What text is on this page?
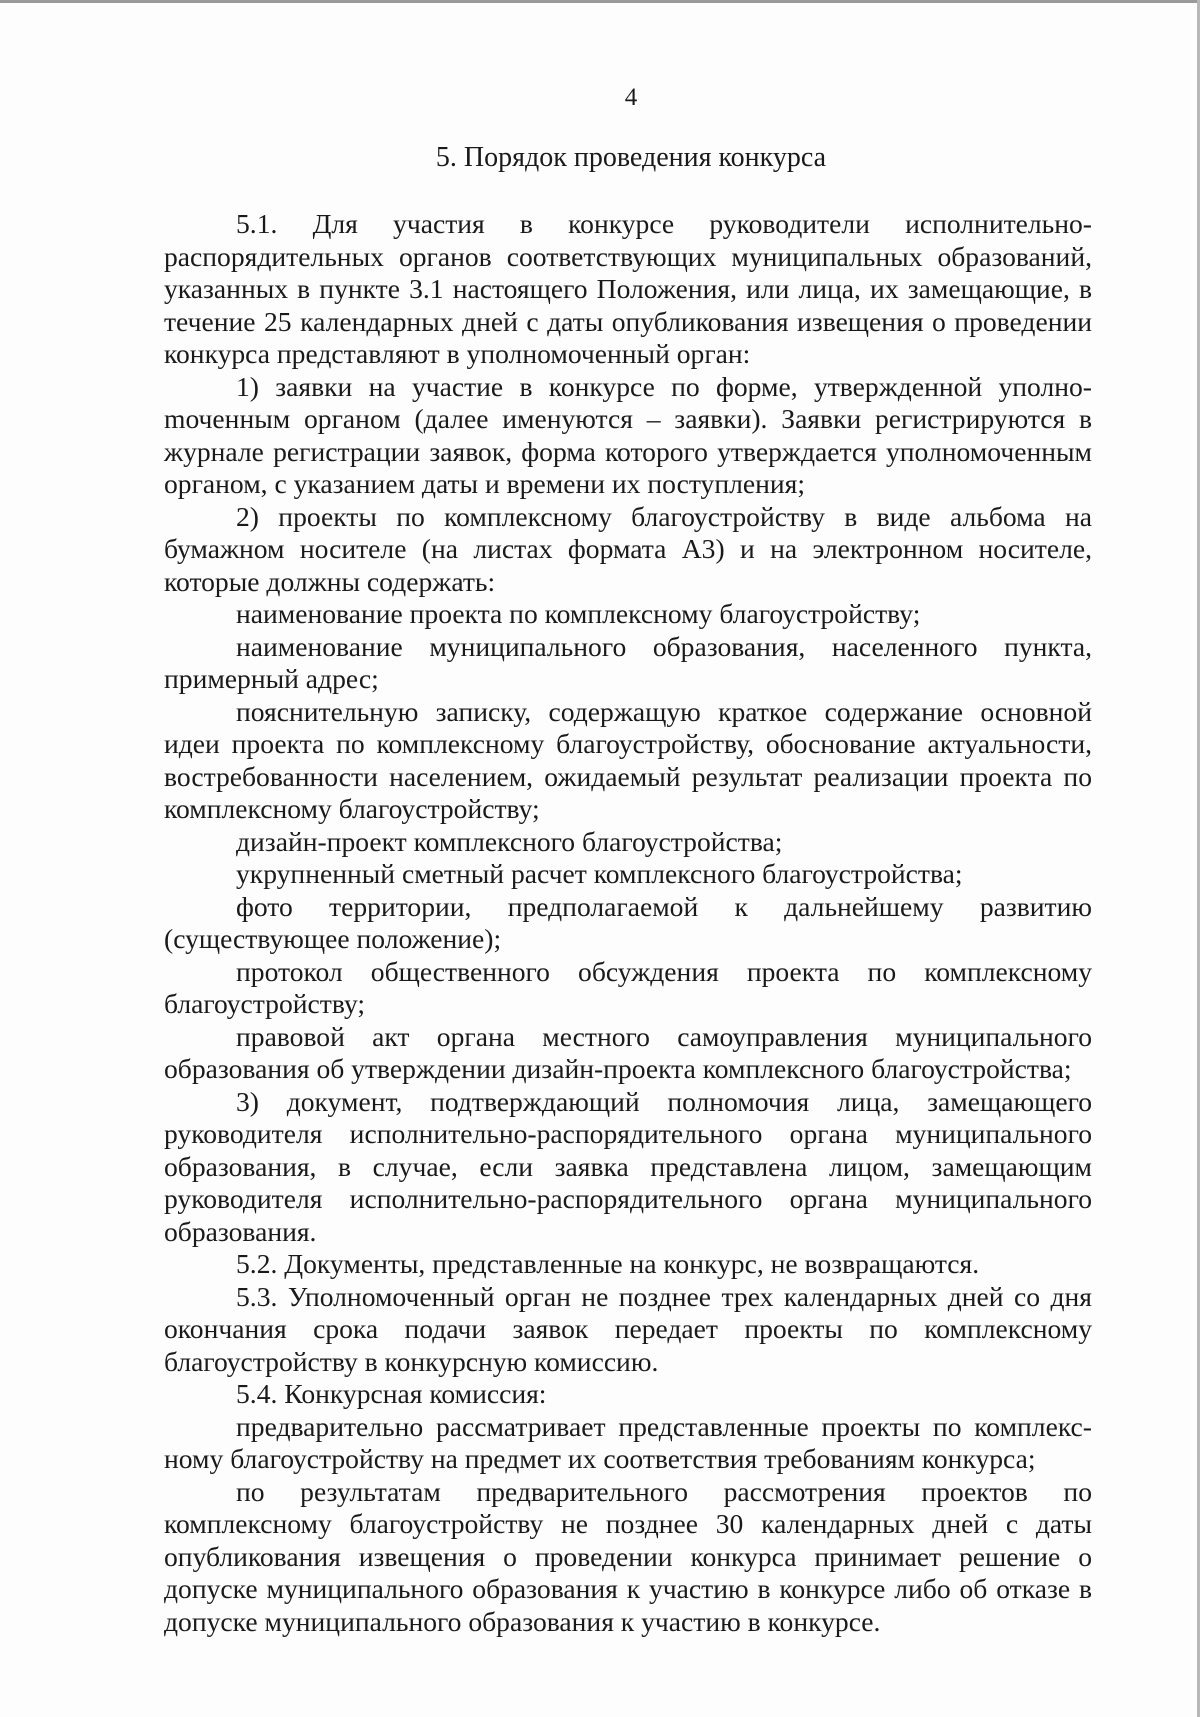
4
5. Порядок проведения конкурса

5.1. Для участия в конкурсе руководители исполнительно-распорядительных органов соответствующих муниципальных образований, указанных в пункте 3.1 настоящего Положения, или лица, их замещающие, в течение 25 календарных дней с даты опубликования извещения о проведении конкурса представляют в уполномоченный орган:

1) заявки на участие в конкурсе по форме, утвержденной уполноmоченным органом (далее именуются – заявки). Заявки регистрируются в журнале регистрации заявок, форма которого утверждается уполномоченным органом, с указанием даты и времени их поступления;

2) проекты по комплексному благоустройству в виде альбома на бумажном носителе (на листах формата А3) и на электронном носителе, которые должны содержать:

наименование проекта по комплексному благоустройству;

наименование муниципального образования, населенного пункта, примерный адрес;

пояснительную записку, содержащую краткое содержание основной идеи проекта по комплексному благоустройству, обоснование актуальности, востребованности населением, ожидаемый результат реализации проекта по комплексному благоустройству;

дизайн-проект комплексного благоустройства;

укрупненный сметный расчет комплексного благоустройства;

фото территории, предполагаемой к дальнейшему развитию (существующее положение);

протокол общественного обсуждения проекта по комплексному благоустройству;

правовой акт органа местного самоуправления муниципального образования об утверждении дизайн-проекта комплексного благоустройства;

3) документ, подтверждающий полномочия лица, замещающего руководителя исполнительно-распорядительного органа муниципального образования, в случае, если заявка представлена лицом, замещающим руководителя исполнительно-распорядительного органа муниципального образования.

5.2. Документы, представленные на конкурс, не возвращаются.

5.3. Уполномоченный орган не позднее трех календарных дней со дня окончания срока подачи заявок передает проекты по комплексному благоустройству в конкурсную комиссию.

5.4. Конкурсная комиссия:

предварительно рассматривает представленные проекты по комплексному благоустройству на предмет их соответствия требованиям конкурса;

по результатам предварительного рассмотрения проектов по комплексному благоустройству не позднее 30 календарных дней с даты опубликования извещения о проведении конкурса принимает решение о допуске муниципального образования к участию в конкурсе либо об отказе в допуске муниципального образования к участию в конкурсе.
